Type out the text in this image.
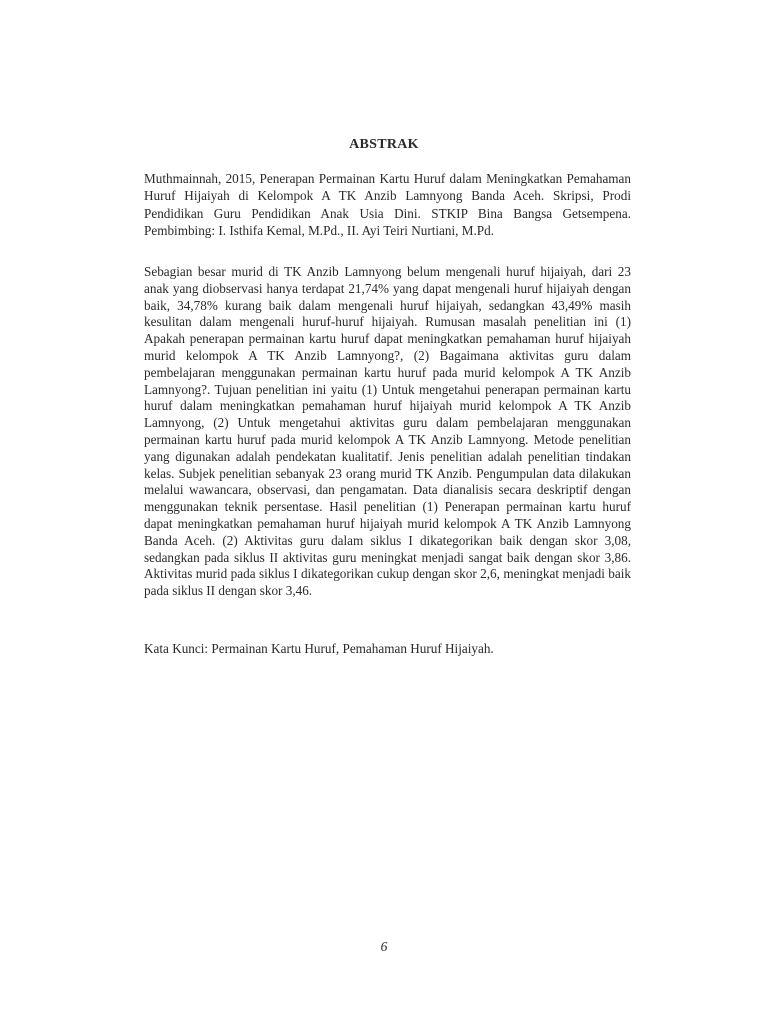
ABSTRAK

Muthmainnah, 2015, Penerapan Permainan Kartu Huruf dalam Meningkatkan Pemahaman Huruf Hijaiyah di Kelompok A TK Anzib Lamnyong Banda Aceh. Skripsi, Prodi Pendidikan Guru Pendidikan Anak Usia Dini. STKIP Bina Bangsa Getsempena. Pembimbing: I. Isthifa Kemal, M.Pd., II. Ayi Teiri Nurtiani, M.Pd.

Sebagian besar murid di TK Anzib Lamnyong belum mengenali huruf hijaiyah, dari 23 anak yang diobservasi hanya terdapat 21,74% yang dapat mengenali huruf hijaiyah dengan baik, 34,78% kurang baik dalam mengenali huruf hijaiyah, sedangkan 43,49% masih kesulitan dalam mengenali huruf-huruf hijaiyah. Rumusan masalah penelitian ini (1) Apakah penerapan permainan kartu huruf dapat meningkatkan pemahaman huruf hijaiyah murid kelompok A TK Anzib Lamnyong?, (2) Bagaimana aktivitas guru dalam pembelajaran menggunakan permainan kartu huruf pada murid kelompok A TK Anzib Lamnyong?. Tujuan penelitian ini yaitu (1) Untuk mengetahui penerapan permainan kartu huruf dalam meningkatkan pemahaman huruf hijaiyah murid kelompok A TK Anzib Lamnyong, (2) Untuk mengetahui aktivitas guru dalam pembelajaran menggunakan permainan kartu huruf pada murid kelompok A TK Anzib Lamnyong. Metode penelitian yang digunakan adalah pendekatan kualitatif. Jenis penelitian adalah penelitian tindakan kelas. Subjek penelitian sebanyak 23 orang murid TK Anzib. Pengumpulan data dilakukan melalui wawancara, observasi, dan pengamatan. Data dianalisis secara deskriptif dengan menggunakan teknik persentase. Hasil penelitian (1) Penerapan permainan kartu huruf dapat meningkatkan pemahaman huruf hijaiyah murid kelompok A TK Anzib Lamnyong Banda Aceh. (2) Aktivitas guru dalam siklus I dikategorikan baik dengan skor 3,08, sedangkan pada siklus II aktivitas guru meningkat menjadi sangat baik dengan skor 3,86. Aktivitas murid pada siklus I dikategorikan cukup dengan skor 2,6, meningkat menjadi baik pada siklus II dengan skor 3,46.

Kata Kunci: Permainan Kartu Huruf, Pemahaman Huruf Hijaiyah.

6
